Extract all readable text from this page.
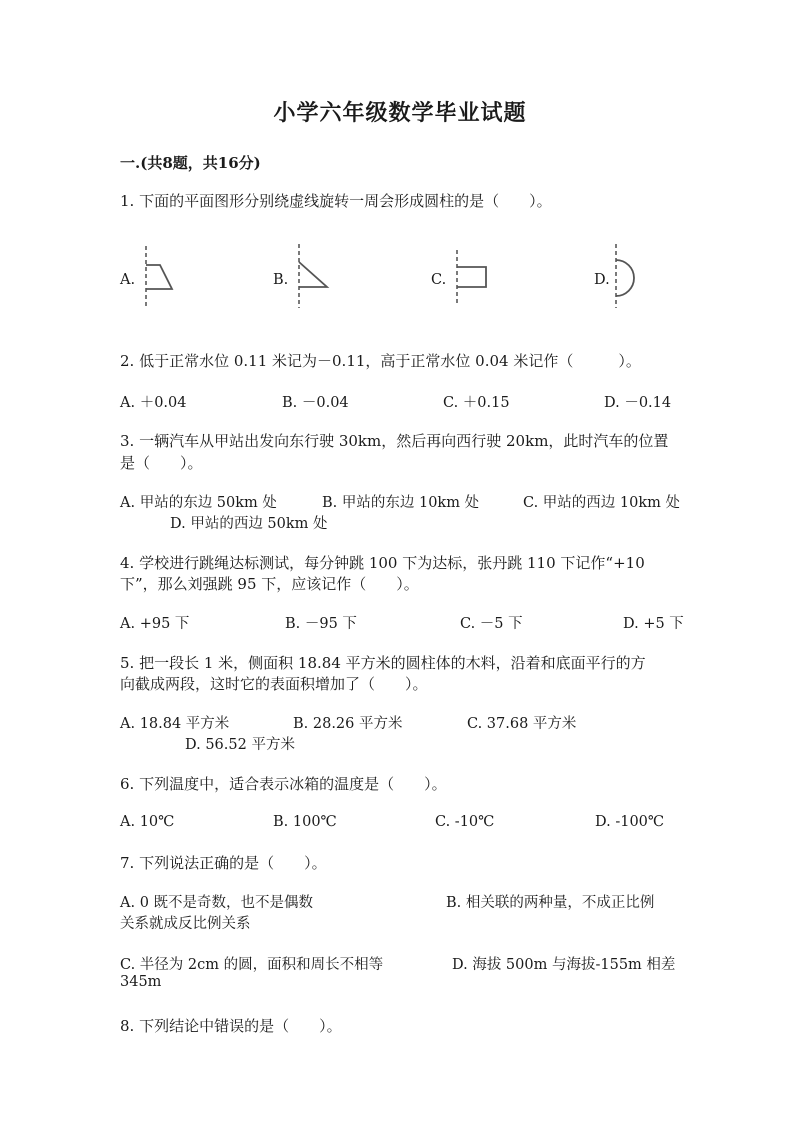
小学六年级数学毕业试题
一.(共8题，共16分)
1. 下面的平面图形分别绕虚线旋转一周会形成圆柱的是（　　）。
A.	B.	C.	D.
2. 低于正常水位 0.11 米记为－0.11，高于正常水位 0.04 米记作（　　　）。
A. ＋0.04	B. －0.04	C. ＋0.15	D. －0.14
3. 一辆汽车从甲站出发向东行驶 30km，然后再向西行驶 20km，此时汽车的位置
是（　　）。
A. 甲站的东边 50km 处	B. 甲站的东边 10km 处	C. 甲站的西边 10km 处
D. 甲站的西边 50km 处
4. 学校进行跳绳达标测试，每分钟跳 100 下为达标，张丹跳 110 下记作“+10
下”，那么刘强跳 95 下，应该记作（　　）。
A. +95 下	B. －95 下	C. －5 下	D. +5 下
5. 把一段长 1 米，侧面积 18.84 平方米的圆柱体的木料，沿着和底面平行的方
向截成两段，这时它的表面积增加了（　　）。
A. 18.84 平方米	B. 28.26 平方米	C. 37.68 平方米
D. 56.52 平方米
6. 下列温度中，适合表示冰箱的温度是（　　）。
A. 10℃	B. 100℃	C. -10℃	D. -100℃
7. 下列说法正确的是（　　）。
A. 0 既不是奇数，也不是偶数	B. 相关联的两种量，不成正比例
关系就成反比例关系
C. 半径为 2cm 的圆，面积和周长不相等	D. 海拔 500m 与海拔-155m 相差
345m
8. 下列结论中错误的是（　　）。
